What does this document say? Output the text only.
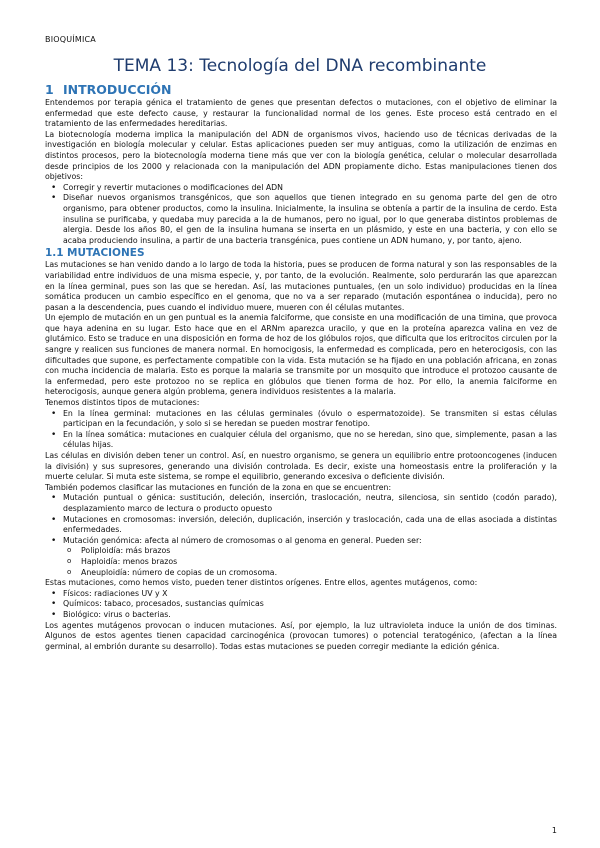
BIOQUÍMICA
TEMA 13: Tecnología del DNA recombinante
1 INTRODUCCIÓN

Entendemos por terapia génica el tratamiento de genes que presentan defectos o mutaciones, con el objetivo de eliminar la enfermedad que este defecto cause, y restaurar la funcionalidad normal de los genes. Este proceso está centrado en el tratamiento de las enfermedades hereditarias.

La biotecnología moderna implica la manipulación del ADN de organismos vivos, haciendo uso de técnicas derivadas de la investigación en biología molecular y celular. Estas aplicaciones pueden ser muy antiguas, como la utilización de enzimas en distintos procesos, pero la biotecnología moderna tiene más que ver con la biología genética, celular o molecular desarrollada desde principios de los 2000 y relacionada con la manipulación del ADN propiamente dicho. Estas manipulaciones tienen dos objetivos:

• Corregir y revertir mutaciones o modificaciones del ADN
• Diseñar nuevos organismos transgénicos, que son aquellos que tienen integrado en su genoma parte del gen de otro organismo, para obtener productos, como la insulina. Inicialmente, la insulina se obtenía a partir de la insulina de cerdo. Esta insulina se purificaba, y quedaba muy parecida a la de humanos, pero no igual, por lo que generaba distintos problemas de alergia. Desde los años 80, el gen de la insulina humana se inserta en un plásmido, y este en una bacteria, y con ello se acaba produciendo insulina, a partir de una bacteria transgénica, pues contiene un ADN humano, y, por tanto, ajeno.
1.1 MUTACIONES

Las mutaciones se han venido dando a lo largo de toda la historia, pues se producen de forma natural y son las responsables de la variabilidad entre individuos de una misma especie, y, por tanto, de la evolución. Realmente, solo perdurarán las que aparezcan en la línea germinal, pues son las que se heredan. Así, las mutaciones puntuales, (en un solo individuo) producidas en la línea somática producen un cambio específico en el genoma, que no va a ser reparado (mutación espontánea o inducida), pero no pasan a la descendencia, pues cuando el individuo muere, mueren con él células mutantes.

Un ejemplo de mutación en un gen puntual es la anemia falciforme, que consiste en una modificación de una timina, que provoca que haya adenina en su lugar. Esto hace que en el ARNm aparezca uracilo, y que en la proteína aparezca valina en vez de glutámico. Esto se traduce en una disposición en forma de hoz de los glóbulos rojos, que dificulta que los eritrocitos circulen por la sangre y realicen sus funciones de manera normal. En homocigosis, la enfermedad es complicada, pero en heterocigosis, con las dificultades que supone, es perfectamente compatible con la vida. Esta mutación se ha fijado en una población africana, en zonas con mucha incidencia de malaria. Esto es porque la malaria se transmite por un mosquito que introduce el protozoo causante de la enfermedad, pero este protozoo no se replica en glóbulos que tienen forma de hoz. Por ello, la anemia falciforme en heterocigosis, aunque genera algún problema, genera individuos resistentes a la malaria.

Tenemos distintos tipos de mutaciones:

• En la línea germinal: mutaciones en las células germinales (óvulo o espermatozoide). Se transmiten si estas células participan en la fecundación, y solo si se heredan se pueden mostrar fenotipo.
• En la línea somática: mutaciones en cualquier célula del organismo, que no se heredan, sino que, simplemente, pasan a las células hijas.

Las células en división deben tener un control. Así, en nuestro organismo, se genera un equilibrio entre protooncogenes (inducen la división) y sus supresores, generando una división controlada. Es decir, existe una homeostasis entre la proliferación y la muerte celular. Si muta este sistema, se rompe el equilibrio, generando excesiva o deficiente división.

También podemos clasificar las mutaciones en función de la zona en que se encuentren:

• Mutación puntual o génica: sustitución, deleción, inserción, traslocación, neutra, silenciosa, sin sentido (codón parado), desplazamiento marco de lectura o producto opuesto
• Mutaciones en cromosomas: inversión, deleción, duplicación, inserción y traslocación, cada una de ellas asociada a distintas enfermedades.
• Mutación genómica: afecta al número de cromosomas o al genoma en general. Pueden ser:
o Poliploidía: más brazos
o Haploidía: menos brazos
o Aneuploidía: número de copias de un cromosoma.

Estas mutaciones, como hemos visto, pueden tener distintos orígenes. Entre ellos, agentes mutágenos, como:

• Físicos: radiaciones UV y X
• Químicos: tabaco, procesados, sustancias químicas
• Biológico: virus o bacterias.

Los agentes mutágenos provocan o inducen mutaciones. Así, por ejemplo, la luz ultravioleta induce la unión de dos timinas. Algunos de estos agentes tienen capacidad carcinogénica (provocan tumores) o potencial teratogénico, (afectan a la línea germinal, al embrión durante su desarrollo). Todas estas mutaciones se pueden corregir mediante la edición génica.

1
